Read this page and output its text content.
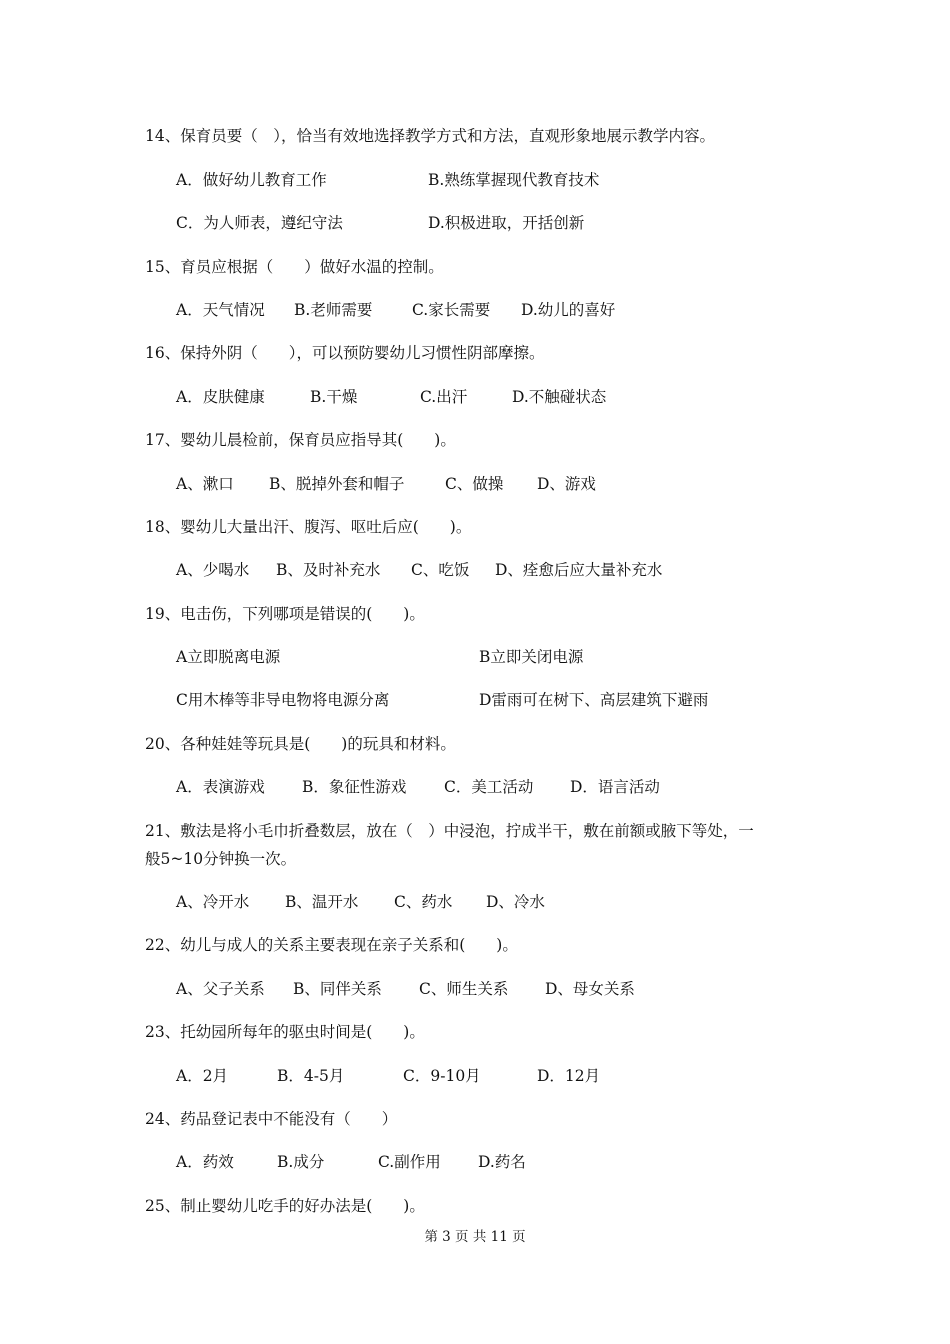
14、保育员要（　），恰当有效地选择教学方式和方法，直观形象地展示教学内容。
A．做好幼儿教育工作	B.熟练掌握现代教育技术
C．为人师表，遵纪守法	D.积极进取，开括创新
15、育员应根据（　　）做好水温的控制。
A．天气情况 B.老师需要	C.家长需要 D.幼儿的喜好
16、保持外阴（　　），可以预防婴幼儿习惯性阴部摩擦。
A．皮肤健康	B.干燥	C.出汗	D.不触碰状态
17、婴幼儿晨检前，保育员应指导其(　　)。
A、漱口 B、脱掉外套和帽子	C、做操 D、游戏
18、婴幼儿大量出汗、腹泻、呕吐后应(　　)。
A、少喝水 B、及时补充水 C、吃饭 D、痊愈后应大量补充水
19、电击伤，下列哪项是错误的(　　)。
A立即脱离电源	B立即关闭电源
C用木棒等非导电物将电源分离	D雷雨可在树下、高层建筑下避雨
20、各种娃娃等玩具是(　　)的玩具和材料。
A．表演游戏 B．象征性游戏 C．美工活动 D．语言活动
21、敷法是将小毛巾折叠数层，放在（　）中浸泡，拧成半干，敷在前额或腋下等处，一
般5~10分钟换一次。
A、冷开水 B、温开水 C、药水 D、冷水
22、幼儿与成人的关系主要表现在亲子关系和(　　)。
A、父子关系 B、同伴关系 C、师生关系 D、母女关系
23、托幼园所每年的驱虫时间是(　　)。
A．2月	B．4-5月	C．9-10月	D．12月
24、药品登记表中不能没有（　　）
A．药效	B.成分	C.副作用 D.药名
25、制止婴幼儿吃手的好办法是(　　)。
第 3 页 共 11 页
